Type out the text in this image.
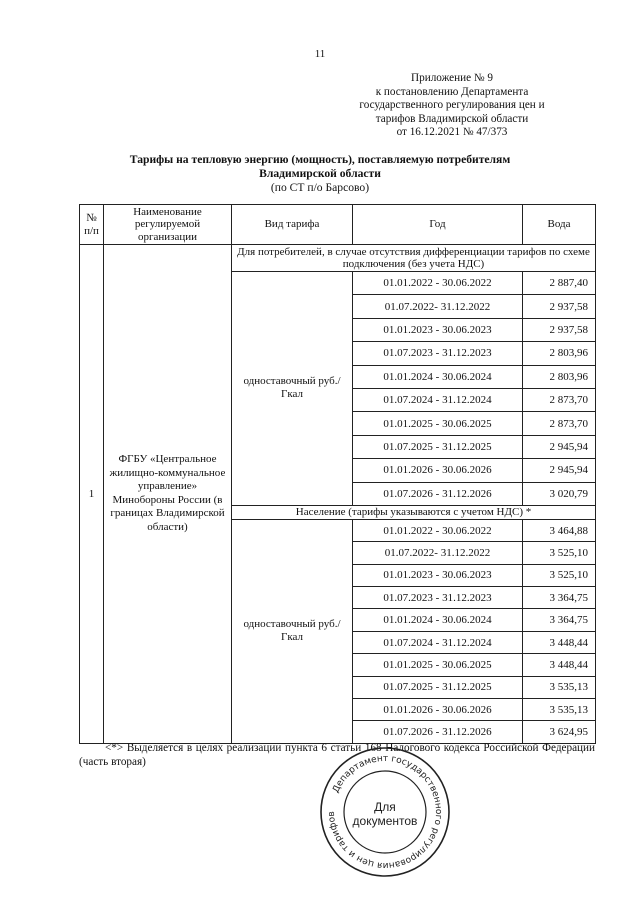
11
Приложение № 9
к постановлению Департамента
государственного регулирования цен и
тарифов Владимирской области
от 16.12.2021 № 47/373
Тарифы на тепловую энергию (мощность), поставляемую потребителям
Владимирской области
(по СТ п/о Барсово)
№ п/п	Наименование регулируемой организации	Вид тарифа	Год	Вода
1	ФГБУ «Центральное жилищно-коммунальное управление» Минобороны России (в границах Владимирской области)	Для потребителей, в случае отсутствия дифференциации тарифов по схеме подключения (без учета НДС)		
		одноставочный руб./Гкал	01.01.2022 - 30.06.2022	2 887,40
			01.07.2022- 31.12.2022	2 937,58
			01.01.2023 - 30.06.2023	2 937,58
			01.07.2023 - 31.12.2023	2 803,96
			01.01.2024 - 30.06.2024	2 803,96
			01.07.2024 - 31.12.2024	2 873,70
			01.01.2025 - 30.06.2025	2 873,70
			01.07.2025 - 31.12.2025	2 945,94
			01.01.2026 - 30.06.2026	2 945,94
			01.07.2026 - 31.12.2026	3 020,79
		Население (тарифы указываются с учетом НДС) *		
		одноставочный руб./Гкал	01.01.2022 - 30.06.2022	3 464,88
			01.07.2022- 31.12.2022	3 525,10
			01.01.2023 - 30.06.2023	3 525,10
			01.07.2023 - 31.12.2023	3 364,75
			01.01.2024 - 30.06.2024	3 364,75
			01.07.2024 - 31.12.2024	3 448,44
			01.01.2025 - 30.06.2025	3 448,44
			01.07.2025 - 31.12.2025	3 535,13
			01.01.2026 - 30.06.2026	3 535,13
			01.07.2026 - 31.12.2026	3 624,95
<*> Выделяется в целях реализации пункта 6 статьи 168 Налогового кодекса Российской Федерации (часть вторая)
Департамент государственного регулирования цен и тарифов	Для
документов
